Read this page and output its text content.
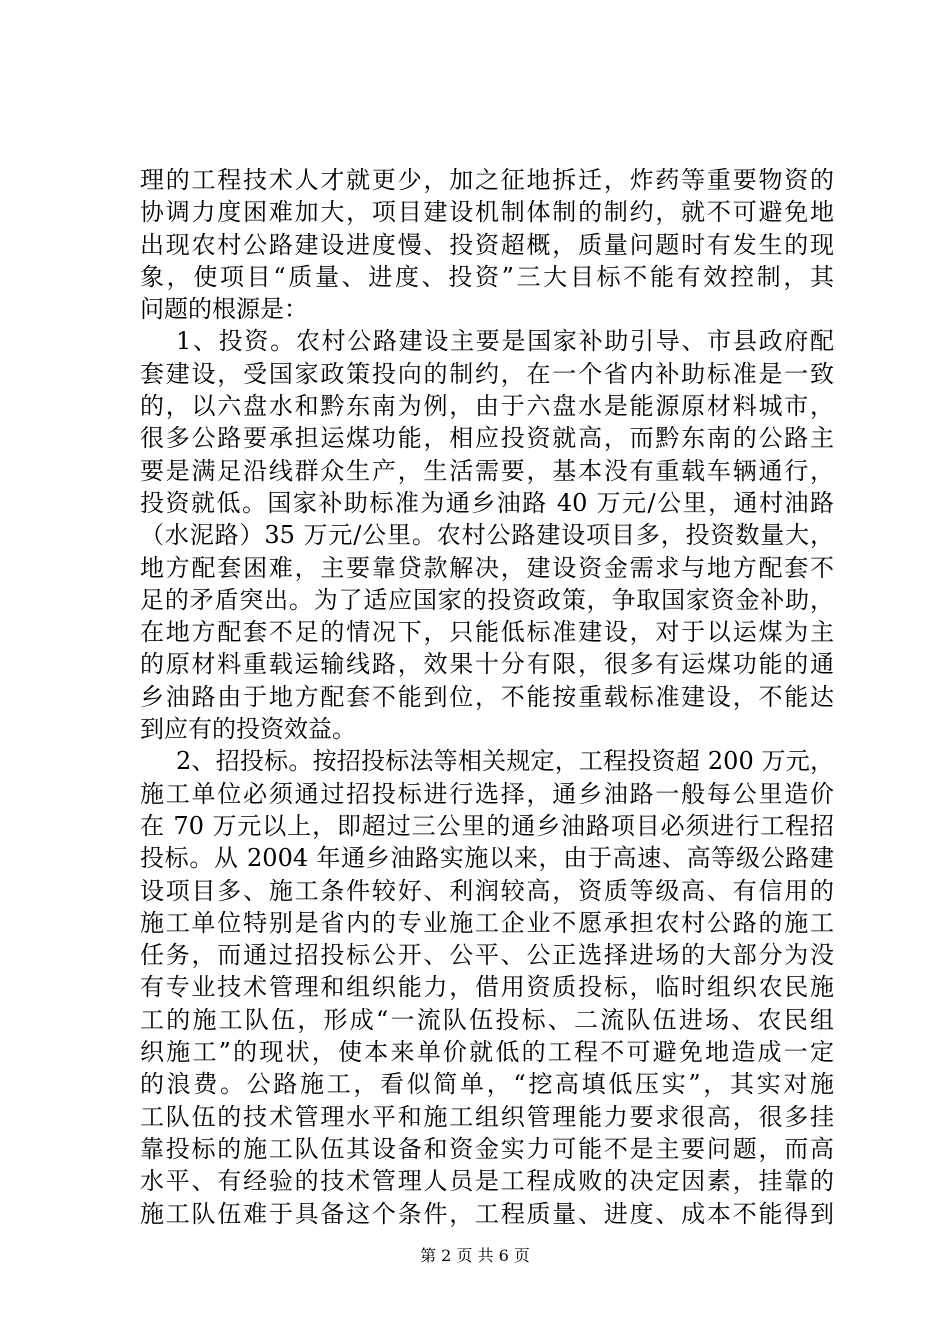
理的工程技术人才就更少，加之征地拆迁，炸药等重要物资的
协调力度困难加大，项目建设机制体制的制约，就不可避免地
出现农村公路建设进度慢、投资超概，质量问题时有发生的现
象，使项目“质量、进度、投资”三大目标不能有效控制，其
问题的根源是：
1、投资。农村公路建设主要是国家补助引导、市县政府配
套建设，受国家政策投向的制约，在一个省内补助标准是一致
的，以六盘水和黔东南为例，由于六盘水是能源原材料城市，
很多公路要承担运煤功能，相应投资就高，而黔东南的公路主
要是满足沿线群众生产，生活需要，基本没有重载车辆通行，
投资就低。国家补助标准为通乡油路 40 万元/公里，通村油路
（水泥路）35 万元/公里。农村公路建设项目多，投资数量大，
地方配套困难，主要靠贷款解决，建设资金需求与地方配套不
足的矛盾突出。为了适应国家的投资政策，争取国家资金补助，
在地方配套不足的情况下，只能低标准建设，对于以运煤为主
的原材料重载运输线路，效果十分有限，很多有运煤功能的通
乡油路由于地方配套不能到位，不能按重载标准建设，不能达
到应有的投资效益。
2、招投标。按招投标法等相关规定，工程投资超 200 万元，
施工单位必须通过招投标进行选择，通乡油路一般每公里造价
在 70 万元以上，即超过三公里的通乡油路项目必须进行工程招
投标。从 2004 年通乡油路实施以来，由于高速、高等级公路建
设项目多、施工条件较好、利润较高，资质等级高、有信用的
施工单位特别是省内的专业施工企业不愿承担农村公路的施工
任务，而通过招投标公开、公平、公正选择进场的大部分为没
有专业技术管理和组织能力，借用资质投标，临时组织农民施
工的施工队伍，形成“一流队伍投标、二流队伍进场、农民组
织施工”的现状，使本来单价就低的工程不可避免地造成一定
的浪费。公路施工，看似简单，“挖高填低压实”，其实对施
工队伍的技术管理水平和施工组织管理能力要求很高，很多挂
靠投标的施工队伍其设备和资金实力可能不是主要问题，而高
水平、有经验的技术管理人员是工程成败的决定因素，挂靠的
施工队伍难于具备这个条件，工程质量、进度、成本不能得到
第 2 页 共 6 页
